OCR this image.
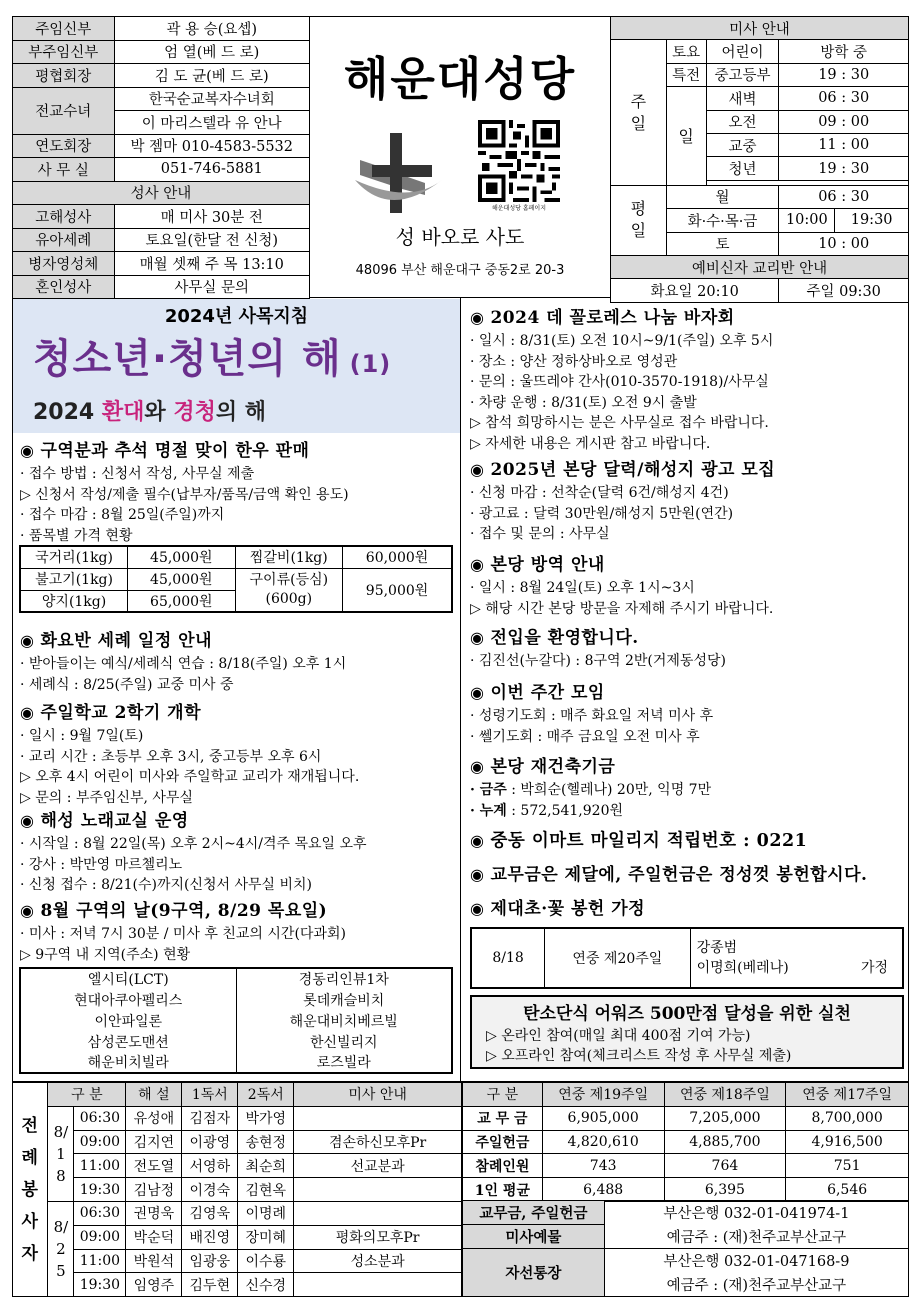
주임신부	곽 용 승(요셉)
부주임신부	엄 열(베 드 로)
평협회장	김 도 균(베 드 로)
전교수녀	한국순교복자수녀회
	이 마리스텔라 유 안나
연도회장	박 젬마 010-4583-5532
사 무 실	051-746-5881
성사 안내	
고해성사	매 미사 30분 전
유아세례	토요일(한달 전 신청)
병자영성체	매월 셋째 주 목 13:10
혼인성사	사무실 문의
해운대성당
해운대성당 홈페이지
성 바오로 사도
48096 부산 해운대구 중동2로 20-3
미사 안내				
주일	토요	어린이	방학 중	
	특전	중고등부	19 : 30	
	일	새벽	06 : 30	
		오전	09 : 00	
		교중	11 : 00	
		청년	19 : 30	

평일	월		06 : 30	
	화·수·목·금		10:00	19:30
	토		10 : 00	
예비신자 교리반 안내				
화요일 20:10			주일 09:30	
2024년 사목지침
청소년·청년의 해 (1)
2024 환대와 경청의 해
◉ 구역분과 추석 명절 맞이 한우 판매
· 접수 방법 : 신청서 작성, 사무실 제출
▷ 신청서 작성/제출 필수(납부자/품목/금액 확인 용도)
· 접수 마감 : 8월 25일(주일)까지
· 품목별 가격 현황
국거리(1kg)	45,000원	찜갈비(1kg)	60,000원
불고기(1kg)	45,000원	구이류(등심)(600g)	95,000원
양지(1kg)	65,000원		
◉ 화요반 세례 일정 안내
· 받아들이는 예식/세례식 연습 : 8/18(주일) 오후 1시
· 세례식 : 8/25(주일) 교중 미사 중
◉ 주일학교 2학기 개학
· 일시 : 9월 7일(토)
· 교리 시간 : 초등부 오후 3시, 중고등부 오후 6시
▷ 오후 4시 어린이 미사와 주일학교 교리가 재개됩니다.
▷ 문의 : 부주임신부, 사무실
◉ 해성 노래교실 운영
· 시작일 : 8월 22일(목) 오후 2시~4시/격주 목요일 오후
· 강사 : 박만영 마르첼리노
· 신청 접수 : 8/21(수)까지(신청서 사무실 비치)
◉ 8월 구역의 날(9구역, 8/29 목요일)
· 미사 : 저녁 7시 30분 / 미사 후 친교의 시간(다과회)
▷ 9구역 내 지역(주소) 현황
엘시티(LCT)	경동리인뷰1차
현대아쿠아펠리스	롯데캐슬비치
이안파일론	해운대비치베르빌
삼성콘도맨션	한신빌리지
해운비치빌라	로즈빌라
◉ 2024 데 꼴로레스 나눔 바자회
· 일시 : 8/31(토) 오전 10시~9/1(주일) 오후 5시
· 장소 : 양산 정하상바오로 영성관
· 문의 : 울뜨레야 간사(010-3570-1918)/사무실
· 차량 운행 : 8/31(토) 오전 9시 출발
▷ 참석 희망하시는 분은 사무실로 접수 바랍니다.
▷ 자세한 내용은 게시판 참고 바랍니다.
◉ 2025년 본당 달력/해성지 광고 모집
· 신청 마감 : 선착순(달력 6건/해성지 4건)
· 광고료 : 달력 30만원/해성지 5만원(연간)
· 접수 및 문의 : 사무실
◉ 본당 방역 안내
· 일시 : 8월 24일(토) 오후 1시~3시
▷ 해당 시간 본당 방문을 자제해 주시기 바랍니다.
◉ 전입을 환영합니다.
· 김진선(누갈다) : 8구역 2반(거제동성당)
◉ 이번 주간 모임
· 성령기도회 : 매주 화요일 저녁 미사 후
· 쎌기도회 : 매주 금요일 오전 미사 후
◉ 본당 재건축기금
· 금주 : 박희순(헬레나) 20만, 익명 7만
· 누계 : 572,541,920원
◉ 중동 이마트 마일리지 적립번호 : 0221
◉ 교무금은 제달에, 주일헌금은 정성껏 봉헌합시다.
◉ 제대초·꽃 봉헌 가정
8/18	연중 제20주일	
강종범
이명희(베레나)	가정
탄소단식 어워즈 500만점 달성을 위한 실천
▷ 온라인 참여(매일 최대 400점 기여 가능)
▷ 오프라인 참여(체크리스트 작성 후 사무실 제출)
전례봉사자	구 분		해 설	1독서	2독서	미사 안내
	8/18	06:30	유성애	김점자	박가영	
		09:00	김지연	이광영	송현정	겸손하신모후Pr
		11:00	전도열	서영하	최순희	선교분과
		19:30	김남정	이경숙	김현옥	
	8/25	06:30	권명욱	김영욱	이명례	
		09:00	박순덕	배진영	장미혜	평화의모후Pr
		11:00	박원석	임광웅	이수룡	성소분과
		19:30	임영주	김두현	신수경	
구 분	연중 제19주일	연중 제18주일	연중 제17주일
교 무 금	6,905,000	7,205,000	8,700,000
주일헌금	4,820,610	4,885,700	4,916,500
참례인원	743	764	751
1인 평균	6,488	6,395	6,546
교무금, 주일헌금	부산은행 032-01-041974-1
미사예물	예금주 : (재)천주교부산교구
자선통장	부산은행 032-01-047168-9
	예금주 : (재)천주교부산교구
